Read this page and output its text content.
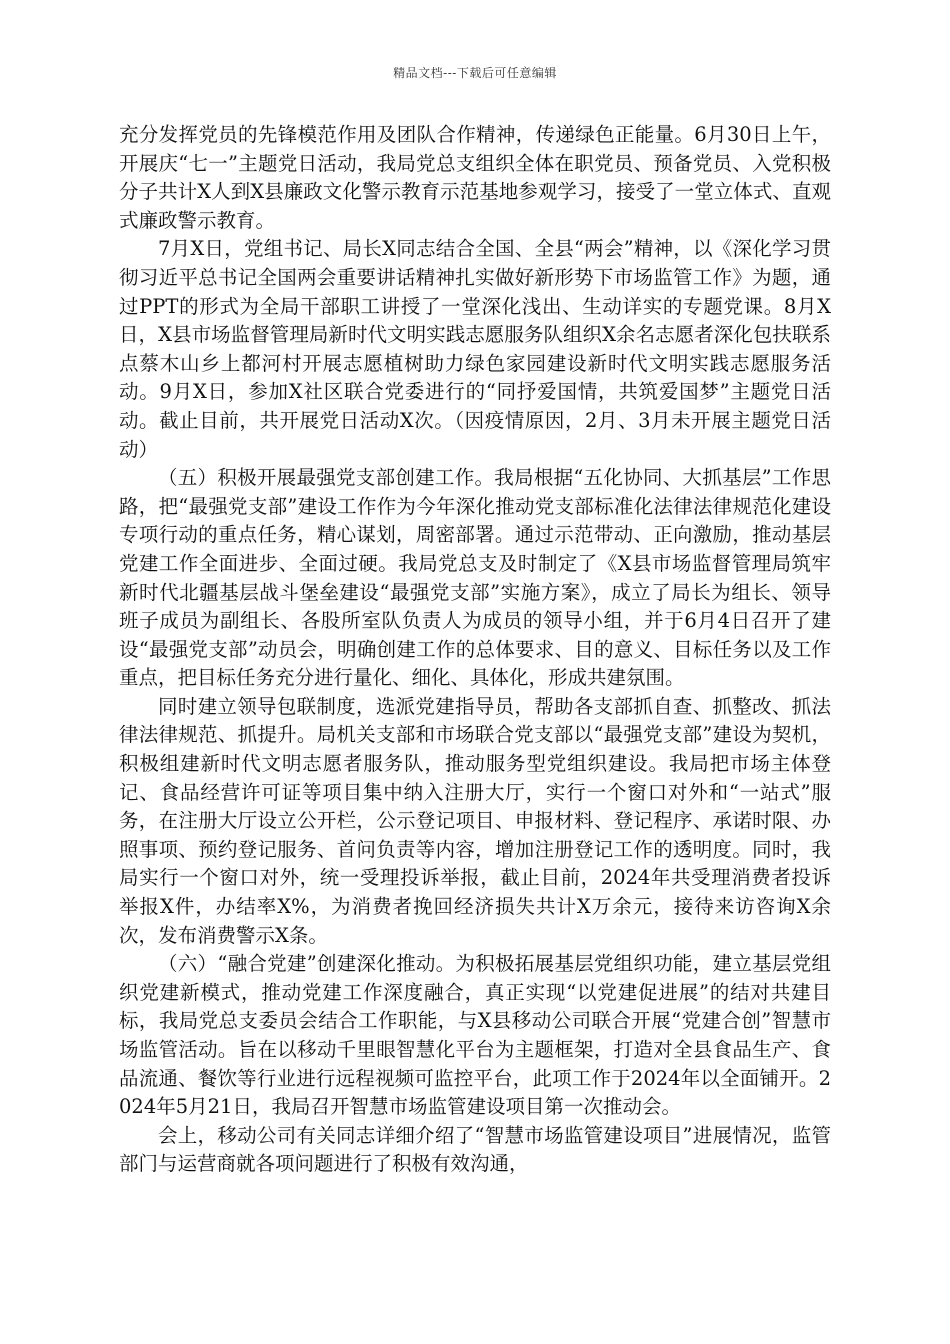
精品文档---下载后可任意编辑

充分发挥党员的先锋模范作用及团队合作精神，传递绿色正能量。6月30日上午，开展庆“七一”主题党日活动，我局党总支组织全体在职党员、预备党员、入党积极分子共计X人到X县廉政文化警示教育示范基地参观学习，接受了一堂立体式、直观式廉政警示教育。

7月X日，党组书记、局长X同志结合全国、全县“两会”精神，以《深化学习贯彻习近平总书记全国两会重要讲话精神扎实做好新形势下市场监管工作》为题，通过PPT的形式为全局干部职工讲授了一堂深化浅出、生动详实的专题党课。8月X日，X县市场监督管理局新时代文明实践志愿服务队组织X余名志愿者深化包扶联系点蔡木山乡上都河村开展志愿植树助力绿色家园建设新时代文明实践志愿服务活动。9月X日，参加X社区联合党委进行的“同抒爱国情，共筑爱国梦”主题党日活动。截止目前，共开展党日活动X次。（因疫情原因，2月、3月未开展主题党日活动）

（五）积极开展最强党支部创建工作。我局根据“五化协同、大抓基层”工作思路，把“最强党支部”建设工作作为今年深化推动党支部标准化法律法律规范化建设专项行动的重点任务，精心谋划，周密部署。通过示范带动、正向激励，推动基层党建工作全面进步、全面过硬。我局党总支及时制定了《X县市场监督管理局筑牢新时代北疆基层战斗堡垒建设“最强党支部”实施方案》，成立了局长为组长、领导班子成员为副组长、各股所室队负责人为成员的领导小组，并于6月4日召开了建设“最强党支部”动员会，明确创建工作的总体要求、目的意义、目标任务以及工作重点，把目标任务充分进行量化、细化、具体化，形成共建氛围。

同时建立领导包联制度，选派党建指导员，帮助各支部抓自查、抓整改、抓法律法律规范、抓提升。局机关支部和市场联合党支部以“最强党支部”建设为契机，积极组建新时代文明志愿者服务队，推动服务型党组织建设。我局把市场主体登记、食品经营许可证等项目集中纳入注册大厅，实行一个窗口对外和“一站式”服务，在注册大厅设立公开栏，公示登记项目、申报材料、登记程序、承诺时限、办照事项、预约登记服务、首问负责等内容，增加注册登记工作的透明度。同时，我局实行一个窗口对外，统一受理投诉举报，截止目前，2024年共受理消费者投诉举报X件，办结率X%，为消费者挽回经济损失共计X万余元，接待来访咨询X余次，发布消费警示X条。

（六）“融合党建”创建深化推动。为积极拓展基层党组织功能，建立基层党组织党建新模式，推动党建工作深度融合，真正实现“以党建促进展”的结对共建目标，我局党总支委员会结合工作职能，与X县移动公司联合开展“党建合创”智慧市场监管活动。旨在以移动千里眼智慧化平台为主题框架，打造对全县食品生产、食品流通、餐饮等行业进行远程视频可监控平台，此项工作于2024年以全面铺开。2024年5月21日，我局召开智慧市场监管建设项目第一次推动会。

会上，移动公司有关同志详细介绍了“智慧市场监管建设项目”进展情况，监管部门与运营商就各项问题进行了积极有效沟通，
